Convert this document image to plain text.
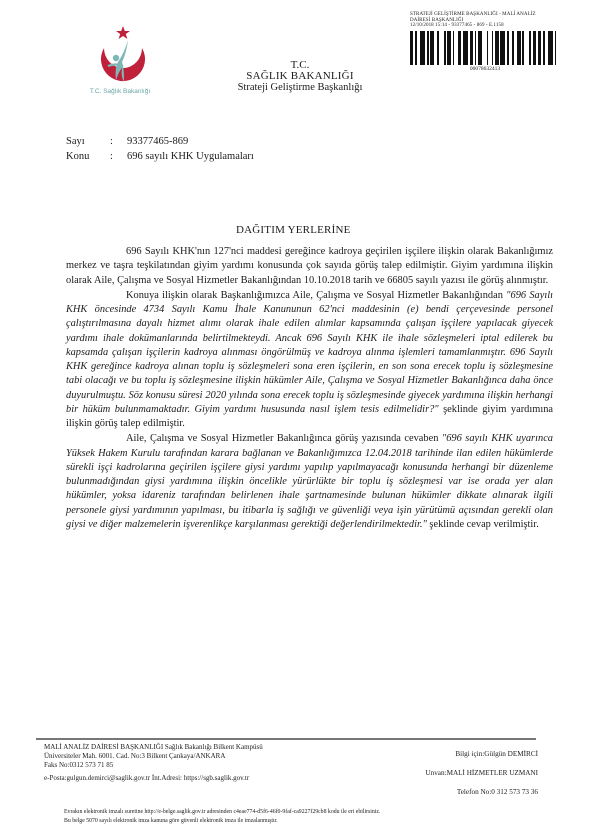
T.C. Sağlık Bakanlığı
T.C.
SAĞLIK BAKANLIĞI
Strateji Geliştirme Başkanlığı
STRATEJİ GELİŞTİRME BAŞKANLIĞI - MALİ ANALİZ
DAİRESİ BAŞKANLIĞI
12/10/2018 15:14 - 93377465 - 869 - E.1158
00078632413
Sayı	:	93377465-869
Konu	:	696 sayılı KHK Uygulamaları
DAĞITIM YERLERİNE

696 Sayılı KHK'nın 127'nci maddesi gereğince kadroya geçirilen işçilere ilişkin olarak Bakanlığımız merkez ve taşra teşkilatından giyim yardımı konusunda çok sayıda görüş talep edilmiştir. Giyim yardımına ilişkin olarak Aile, Çalışma ve Sosyal Hizmetler Bakanlığından 10.10.2018 tarih ve 66805 sayılı yazısı ile görüş alınmıştır.

Konuya ilişkin olarak Başkanlığımızca Aile, Çalışma ve Sosyal Hizmetler Bakanlığından "696 Sayılı KHK öncesinde 4734 Sayılı Kamu İhale Kanununun 62'nci maddesinin (e) bendi çerçevesinde personel çalıştırılmasına dayalı hizmet alımı olarak ihale edilen alımlar kapsamında çalışan işçilere yapılacak giyecek yardımı ihale dokümanlarında belirtilmekteydi. Ancak 696 Sayılı KHK ile ihale sözleşmeleri iptal edilerek bu kapsamda çalışan işçilerin kadroya alınması öngörülmüş ve kadroya alınma işlemleri tamamlanmıştır. 696 Sayılı KHK gereğince kadroya alınan toplu iş sözleşmeleri sona eren işçilerin, en son sona erecek toplu iş sözleşmesine tabi olacağı ve bu toplu iş sözleşmesine ilişkin hükümler Aile, Çalışma ve Sosyal Hizmetler Bakanlığınca daha önce duyurulmuştu. Söz konusu süresi 2020 yılında sona erecek toplu iş sözleşmesinde giyecek yardımına ilişkin herhangi bir hüküm bulunmamaktadır. Giyim yardımı hususunda nasıl işlem tesis edilmelidir?" şeklinde giyim yardımına ilişkin görüş talep edilmiştir.

Aile, Çalışma ve Sosyal Hizmetler Bakanlığınca görüş yazısında cevaben "696 sayılı KHK uyarınca Yüksek Hakem Kurulu tarafından karara bağlanan ve Bakanlığımızca 12.04.2018 tarihinde ilan edilen hükümlerde sürekli işçi kadrolarına geçirilen işçilere giysi yardımı yapılıp yapılmayacağı konusunda herhangi bir düzenleme bulunmadığından giysi yardımına ilişkin öncelikle yürürlükte bir toplu iş sözleşmesi var ise orada yer alan hükümler, yoksa idareniz tarafından belirlenen ihale şartnamesinde bulunan hükümler dikkate alınarak ilgili personele giysi yardımının yapılması, bu itibarla iş sağlığı ve güvenliği veya işin yürütümü açısından gerekli olan giysi ve diğer malzemelerin işverenlikçe karşılanması gerektiği değerlendirilmektedir." şeklinde cevap verilmiştir.

MALİ ANALİZ DAİRESİ BAŞKANLIĞI Sağlık Bakanlığı Bilkent Kampüsü
Üniversiteler Mah. 6001. Cad. No:3 Bilkent Çankaya/ANKARA
Faks No:0312 573 71 85
e-Posta:gulgun.demirci@saglik.gov.tr İnt.Adresi: https://sgb.saglik.gov.tr
Bilgi için:Gülgün DEMİRCİ
Unvan:MALİ HİZMETLER UZMANI
Telefon No:0 312 573 73 36
Evrakın elektronik imzalı suretine http://e-belge.saglik.gov.tr adresinden c4eae774-d5f6-46f0-9faf-ca9227f29cb8 kodu ile eri ebilirsiniz.
Bu belge 5070 sayılı elektronik imza kanuna göre güvenli elektronik imza ile imzalanmıştır.
